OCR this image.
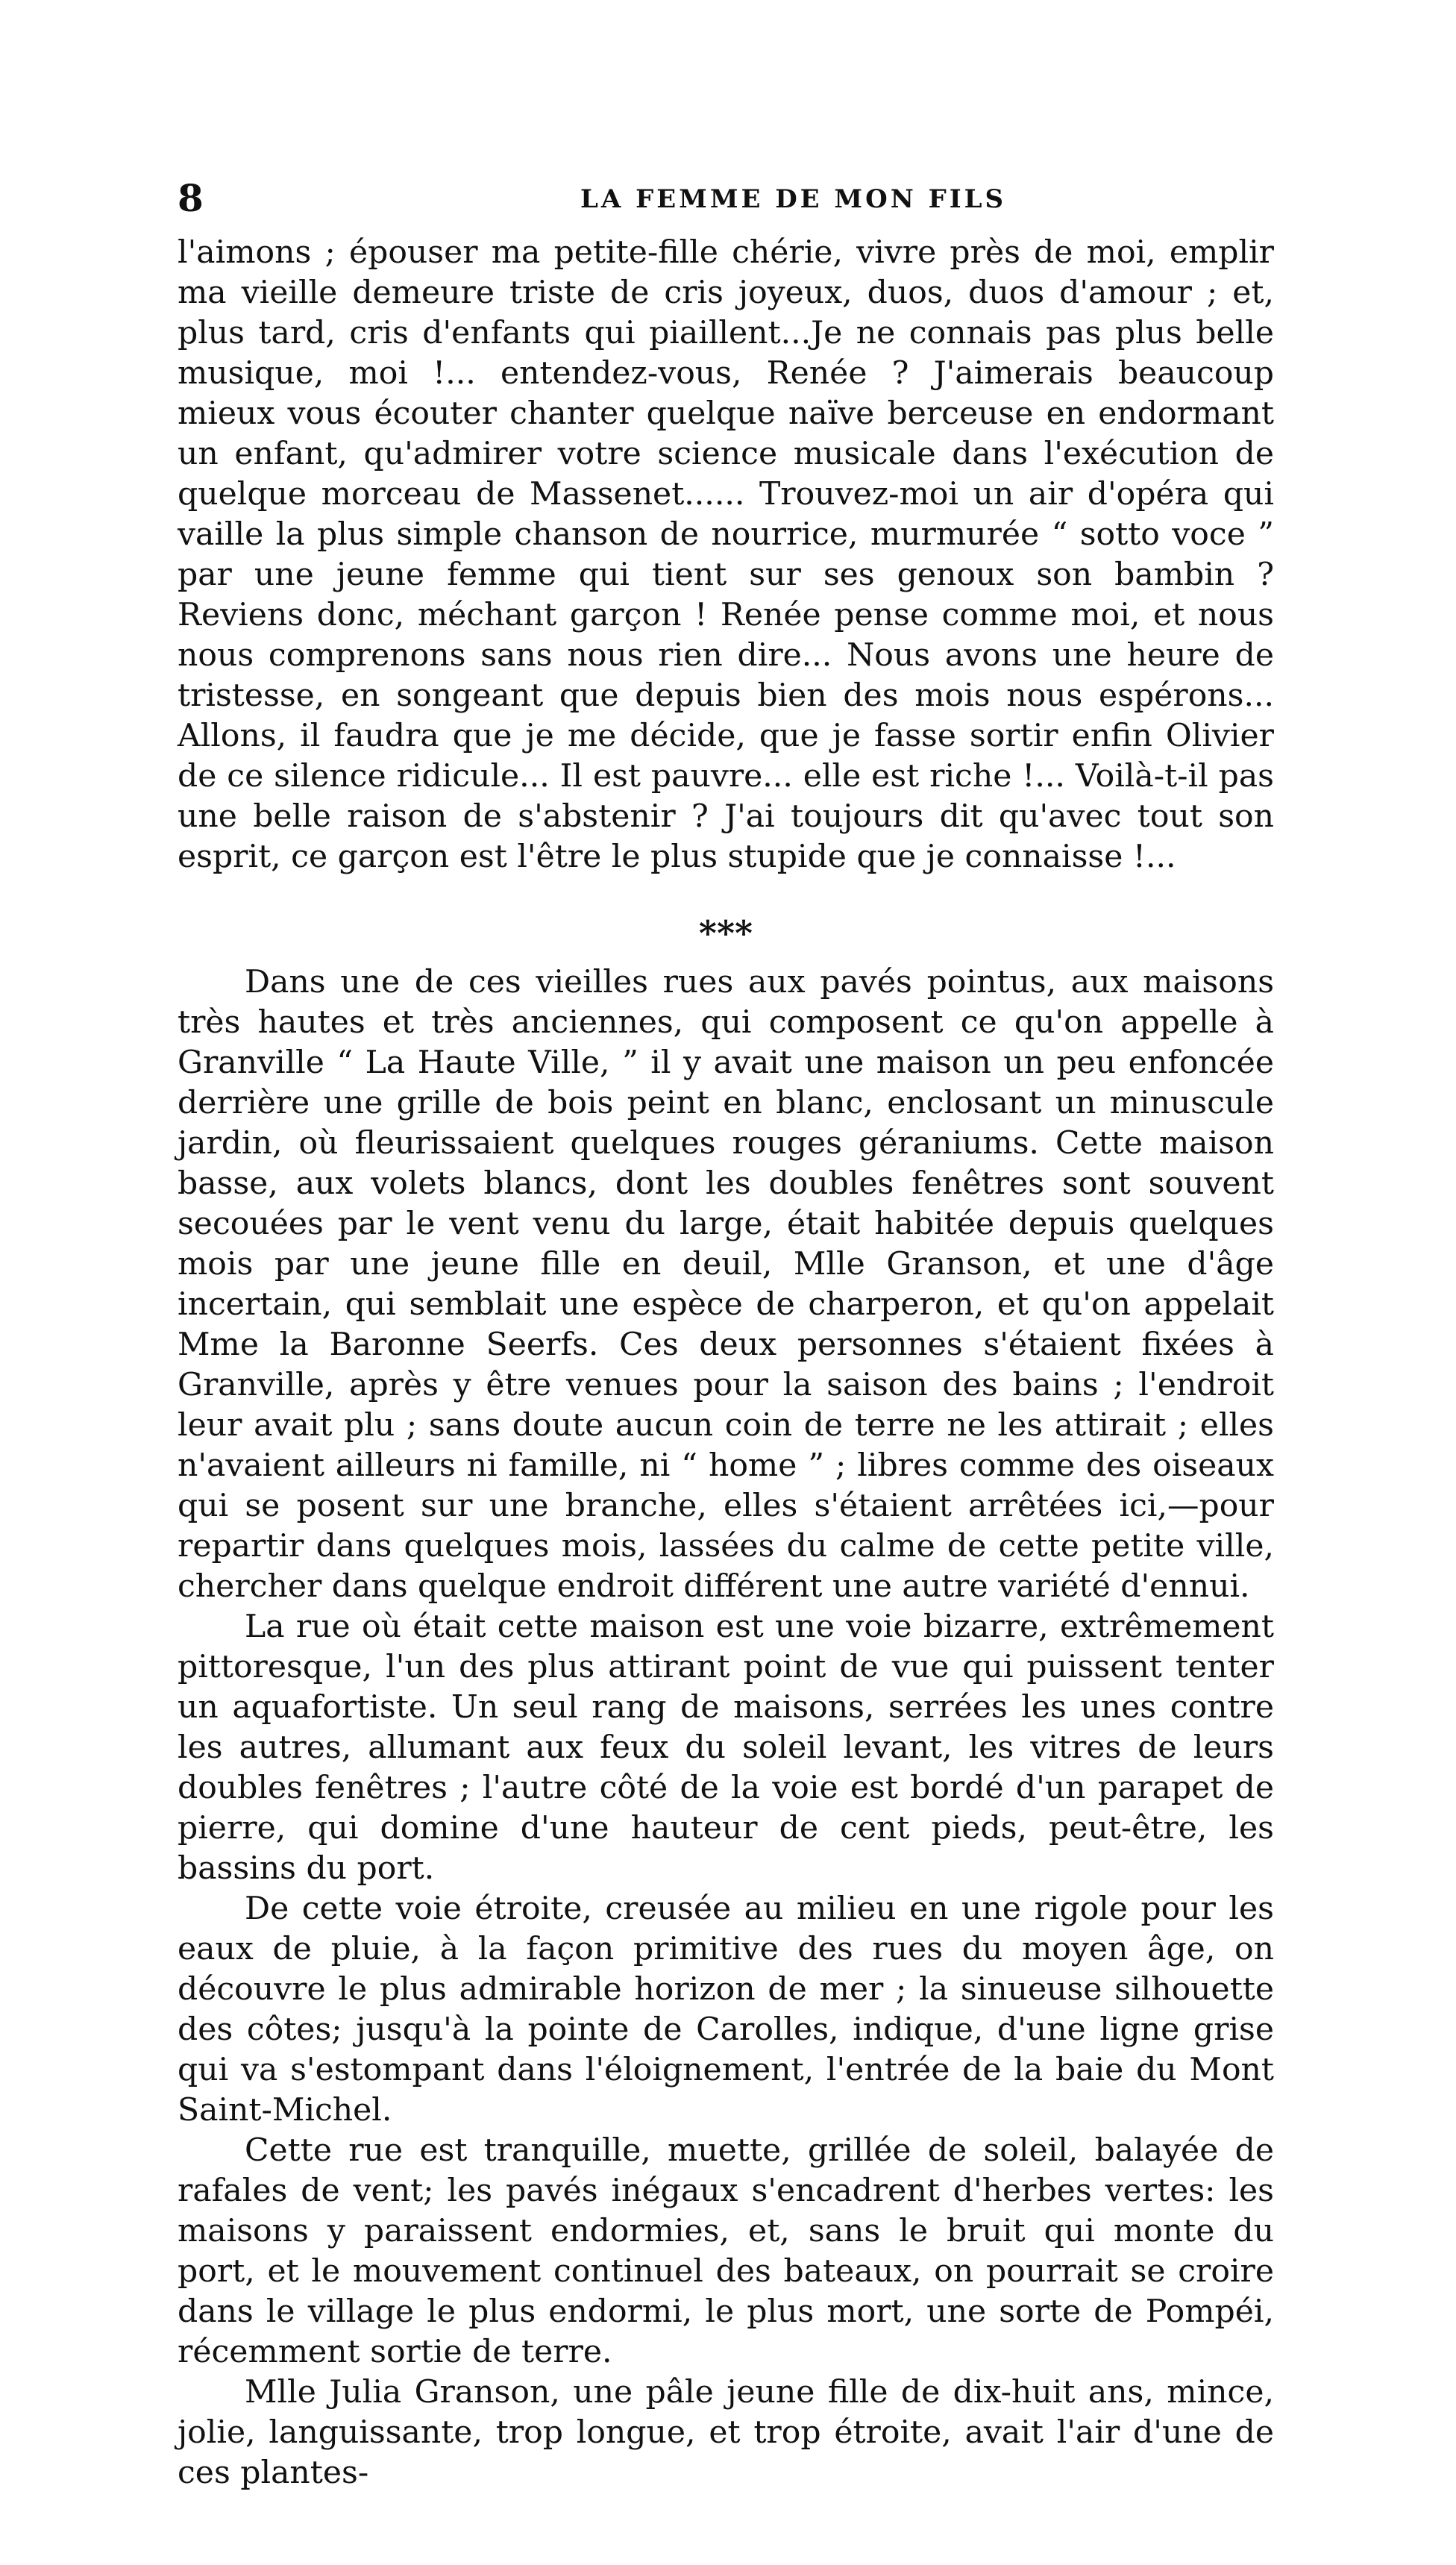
8	LA FEMME DE MON FILS

l'aimons ; épouser ma petite-fille chérie, vivre près de moi, emplir ma vieille demeure triste de cris joyeux, duos, duos d'amour ; et, plus tard, cris d'enfants qui piaillent...Je ne connais pas plus belle musique, moi !... entendez-vous, Renée ? J'aimerais beaucoup mieux vous écouter chanter quelque naïve berceuse en endormant un enfant, qu'admirer votre science musicale dans l'exécution de quelque morceau de Massenet...... Trouvez-moi un air d'opéra qui vaille la plus simple chanson de nourrice, murmurée “ sotto voce ” par une jeune femme qui tient sur ses genoux son bambin ? Reviens donc, méchant garçon ! Renée pense comme moi, et nous nous comprenons sans nous rien dire... Nous avons une heure de tristesse, en songeant que depuis bien des mois nous espérons... Allons, il faudra que je me décide, que je fasse sortir enfin Olivier de ce silence ridicule... Il est pauvre... elle est riche !... Voilà-t-il pas une belle raison de s'abstenir ? J'ai toujours dit qu'avec tout son esprit, ce garçon est l'être le plus stupide que je connaisse !...

***

Dans une de ces vieilles rues aux pavés pointus, aux maisons très hautes et très anciennes, qui composent ce qu'on appelle à Granville “ La Haute Ville, ” il y avait une maison un peu enfoncée derrière une grille de bois peint en blanc, enclosant un minuscule jardin, où fleurissaient quelques rouges géraniums. Cette maison basse, aux volets blancs, dont les doubles fenêtres sont souvent secouées par le vent venu du large, était habitée depuis quelques mois par une jeune fille en deuil, Mlle Granson, et une d'âge incertain, qui semblait une espèce de charperon, et qu'on appelait Mme la Baronne Seerfs. Ces deux personnes s'étaient fixées à Granville, après y être venues pour la saison des bains ; l'endroit leur avait plu ; sans doute aucun coin de terre ne les attirait ; elles n'avaient ailleurs ni famille, ni “ home ” ; libres comme des oiseaux qui se posent sur une branche, elles s'étaient arrêtées ici,—pour repartir dans quelques mois, lassées du calme de cette petite ville, chercher dans quelque endroit différent une autre variété d'ennui.

La rue où était cette maison est une voie bizarre, extrêmement pittoresque, l'un des plus attirant point de vue qui puissent tenter un aquafortiste. Un seul rang de maisons, serrées les unes contre les autres, allumant aux feux du soleil levant, les vitres de leurs doubles fenêtres ; l'autre côté de la voie est bordé d'un parapet de pierre, qui domine d'une hauteur de cent pieds, peut-être, les bassins du port.

De cette voie étroite, creusée au milieu en une rigole pour les eaux de pluie, à la façon primitive des rues du moyen âge, on découvre le plus admirable horizon de mer ; la sinueuse silhouette des côtes; jusqu'à la pointe de Carolles, indique, d'une ligne grise qui va s'estompant dans l'éloignement, l'entrée de la baie du Mont Saint-Michel.

Cette rue est tranquille, muette, grillée de soleil, balayée de rafales de vent; les pavés inégaux s'encadrent d'herbes vertes: les maisons y paraissent endormies, et, sans le bruit qui monte du port, et le mouvement continuel des bateaux, on pourrait se croire dans le village le plus endormi, le plus mort, une sorte de Pompéi, récemment sortie de terre.

Mlle Julia Granson, une pâle jeune fille de dix-huit ans, mince, jolie, languissante, trop longue, et trop étroite, avait l'air d'une de ces plantes-
